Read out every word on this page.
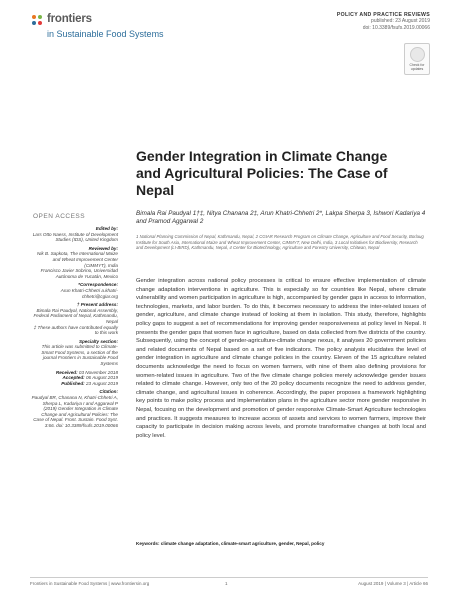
frontiers
in Sustainable Food Systems
POLICY AND PRACTICE REVIEWS
published: 23 August 2019
doi: 10.3389/fsufs.2019.00066
Check for updates
Gender Integration in Climate Change and Agricultural Policies: The Case of Nepal
OPEN ACCESS
Edited by:
Lars Otto Naess, Institute of Development Studies (IDS), United Kingdom
Reviewed by:
Nik B. Sapkota, The International Maize and Wheat Improvement Center (CIMMYT), India
Francisco Javier Sobrino, Universidad Autónoma de Yucatán, Mexico
*Correspondence:
Arun Khatri-Chhetri a.khatri-chhetri@cgiar.org
† Present address:
Bimala Rai Paudyal, National Assembly, Federal Parliament of Nepal, Kathmandu, Nepal
‡ These authors have contributed equally to this work
Specialty section:
This article was submitted to Climate-Smart Food Systems, a section of the journal Frontiers in Sustainable Food Systems
Received: 03 November 2018
Accepted: 06 August 2019
Published: 23 August 2019
Citation:
Paudyal BR, Chanana N, Khatri-Chhetri A, Sherpa L, Kadariya I and Aggarwal P (2019) Gender Integration in Climate Change and Agricultural Policies: The Case of Nepal. Front. Sustain. Food Syst. 3:66. doi: 10.3389/fsufs.2019.00066
Bimala Rai Paudyal 1†‡, Nitya Chanana 2‡, Arun Khatri-Chhetri 2*, Lakpa Sherpa 3, Ishwori Kadariya 4 and Pramod Aggarwal 2
1 National Planning Commission of Nepal, Kathmandu, Nepal, 2 CGIAR Research Program on Climate Change, Agriculture and Food Security, Borlaug Institute for South Asia, International Maize and Wheat Improvement Center, CIMMYT, New Delhi, India, 3 Local Initiatives for Biodiversity, Research and Development (LI-BIRD), Kathmandu, Nepal, 4 Center for Biotechnology, Agriculture and Forestry University, Chitwan, Nepal
Gender integration across national policy processes is critical to ensure effective implementation of climate change adaptation interventions in agriculture. This is especially so for countries like Nepal, where climate vulnerability and women participation in agriculture is high, accompanied by gender gaps in access to information, technologies, markets, and labor burden. To do this, it becomes necessary to address the inter-related issues of gender, agriculture, and climate change instead of looking at them in isolation. This study, therefore, highlights policy gaps to suggest a set of recommendations for improving gender responsiveness at policy level in Nepal. It presents the gender gaps that women face in agriculture, based on data collected from five districts of the country. Subsequently, using the concept of gender-agriculture-climate change nexus, it analyses 20 government policies and related documents of Nepal based on a set of five indicators. The policy analysis elucidates the level of gender integration in agriculture and climate change policies in the country. Eleven of the 15 agriculture related documents acknowledge the need to focus on women farmers, with nine of them also defining provisions for women-related issues in agriculture. Two of the five climate change policies merely acknowledge gender issues related to climate change. However, only two of the 20 policy documents recognize the need to address gender, climate change, and agricultural issues in coherence. Accordingly, the paper proposes a framework highlighting key points to make policy process and implementation plans in the agriculture sector more gender responsive in Nepal, focusing on the development and promotion of gender responsive Climate-Smart Agriculture technologies and practices. It suggests measures to increase access of assets and services to women farmers, improve their capacity to participate in decision making across levels, and promote transformative changes at both local and policy level.
Keywords: climate change adaptation, climate-smart agriculture, gender, Nepal, policy
Frontiers in Sustainable Food Systems | www.frontiersin.org	1	August 2019 | Volume 3 | Article 66
